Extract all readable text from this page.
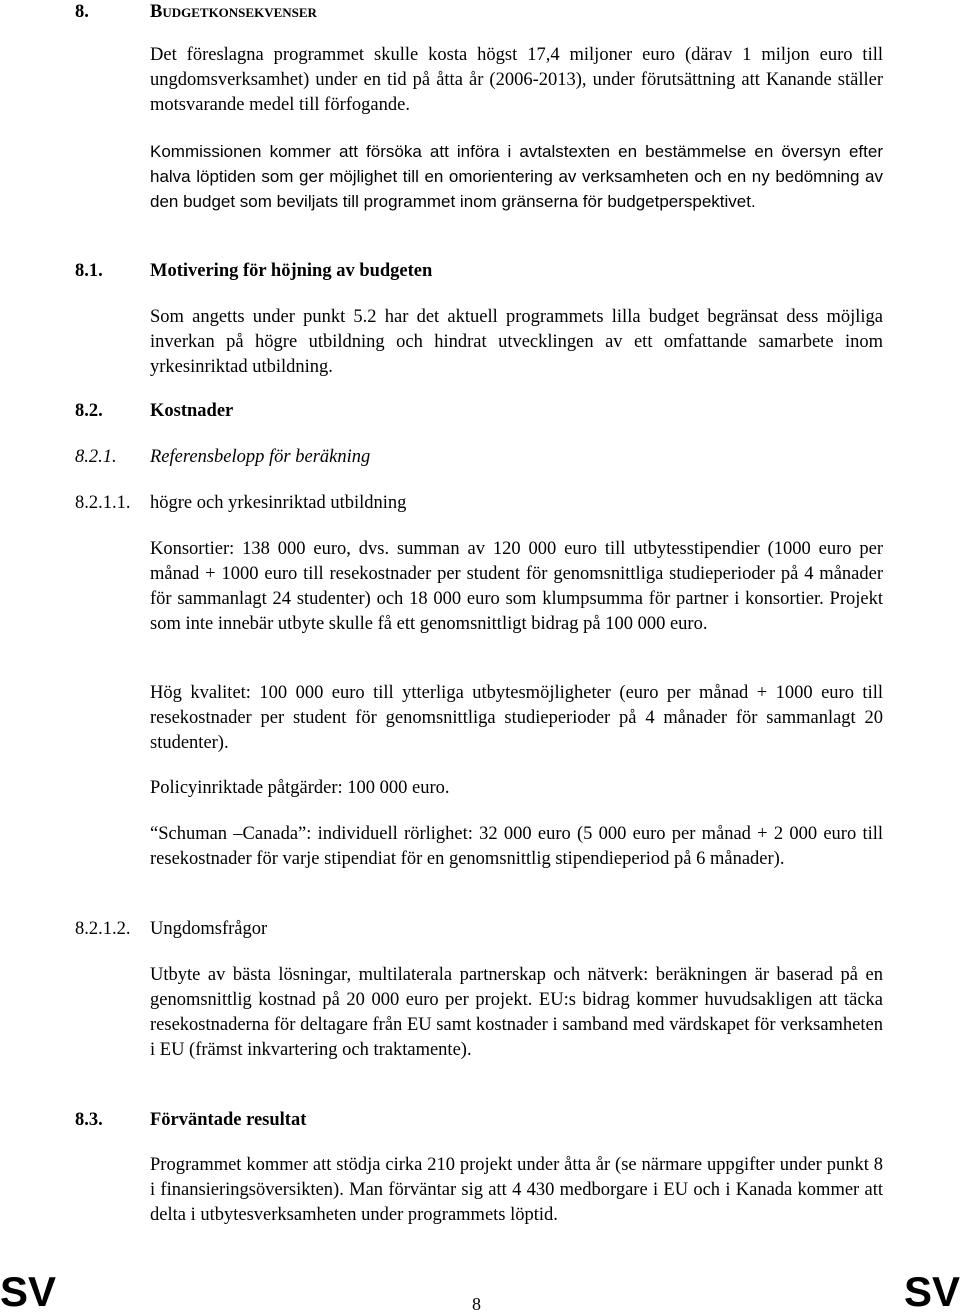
8.	Budgetkonsekvenser
Det föreslagna programmet skulle kosta högst 17,4 miljoner euro (därav 1 miljon euro till ungdomsverksamhet) under en tid på åtta år (2006-2013), under förutsättning att Kanande ställer motsvarande medel till förfogande.
Kommissionen kommer att försöka att införa i avtalstexten en bestämmelse en översyn efter halva löptiden som ger möjlighet till en omorientering av verksamheten och en ny bedömning av den budget som beviljats till programmet inom gränserna för budgetperspektivet.
8.1.	Motivering för höjning av budgeten
Som angetts under punkt 5.2 har det aktuell programmets lilla budget begränsat dess möjliga inverkan på högre utbildning och hindrat utvecklingen av ett omfattande samarbete inom yrkesinriktad utbildning.
8.2.	Kostnader
8.2.1. Referensbelopp för beräkning
8.2.1.1. högre och yrkesinriktad utbildning
Konsortier: 138 000 euro, dvs. summan av 120 000 euro till utbytesstipendier (1000 euro per månad + 1000 euro till resekostnader per student för genomsnittliga studieperioder på 4 månader för sammanlagt 24 studenter) och 18 000 euro som klumpsumma för partner i konsortier. Projekt som inte innebär utbyte skulle få ett genomsnittligt bidrag på 100 000 euro.
Hög kvalitet: 100 000 euro till ytterliga utbytesmöjligheter (euro per månad + 1000 euro till resekostnader per student för genomsnittliga studieperioder på 4 månader för sammanlagt 20 studenter).
Policyinriktade påtgärder: 100 000 euro.
“Schuman –Canada”: individuell rörlighet: 32 000 euro (5 000 euro per månad + 2 000 euro till resekostnader för varje stipendiat för en genomsnittlig stipendieperiod på 6 månader).
8.2.1.2. Ungdomsfrågor
Utbyte av bästa lösningar, multilaterala partnerskap och nätverk: beräkningen är baserad på en genomsnittlig kostnad på 20 000 euro per projekt. EU:s bidrag kommer huvudsakligen att täcka resekostnaderna för deltagare från EU samt kostnader i samband med värdskapet för verksamheten i EU (främst inkvartering och traktamente).
8.3.	Förväntade resultat
Programmet kommer att stödja cirka 210 projekt under åtta år (se närmare uppgifter under punkt 8 i finansieringsöversikten). Man förväntar sig att 4 430 medborgare i EU och i Kanada kommer att delta i utbytesverksamheten under programmets löptid.
SV	8	SV
